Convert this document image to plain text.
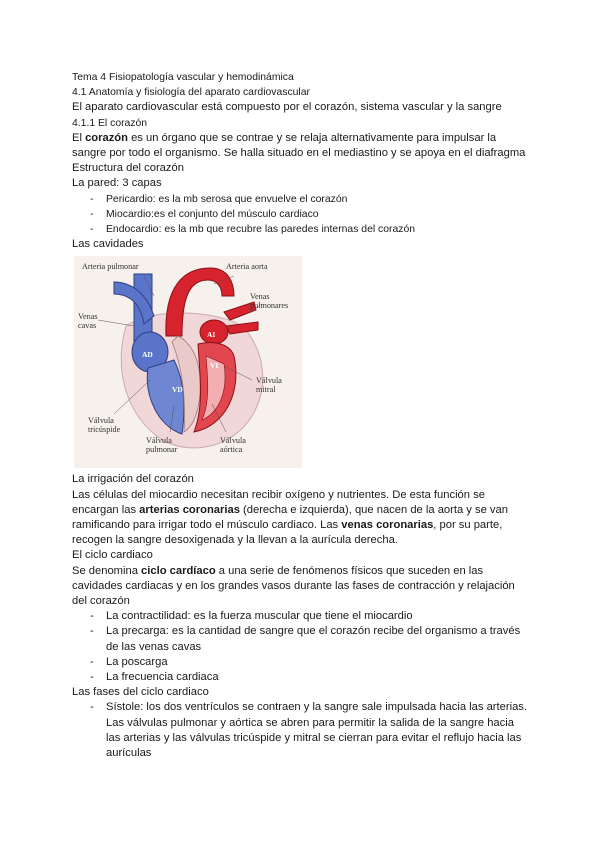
Tema 4 Fisiopatología vascular y hemodinámica
4.1 Anatomía y fisiología del aparato cardiovascular
El aparato cardiovascular está compuesto por el corazón, sistema vascular y la sangre
4.1.1 El corazón
El corazón es un órgano que se contrae y se relaja alternativamente para impulsar la
sangre por todo el organismo. Se halla situado en el mediastino y se apoya en el diafragma
Estructura del corazón
La pared: 3 capas
- Pericardio: es la mb serosa que envuelve el corazón
- Miocardio:es el conjunto del músculo cardiaco
- Endocardio: es la mb que recubre las paredes internas del corazón
Las cavidades
Arteria pulmonar	Arteria aorta
Venas
cavas
Venas
pulmonares
Válvula
mitral
Válvula
tricúspide
Válvula
pulmonar
Válvula
aórtica
AD
AI
VD
VI
La irrigación del corazón
Las células del miocardio necesitan recibir oxígeno y nutrientes. De esta función se
encargan las arterias coronarias (derecha e izquierda), que nacen de la aorta y se van
ramificando para irrigar todo el músculo cardiaco. Las venas coronarias, por su parte,
recogen la sangre desoxigenada y la llevan a la aurícula derecha.
El ciclo cardiaco
Se denomina ciclo cardíaco a una serie de fenómenos físicos que suceden en las
cavidades cardiacas y en los grandes vasos durante las fases de contracción y relajación
del corazón
- La contractilidad: es la fuerza muscular que tiene el miocardio
- La precarga: es la cantidad de sangre que el corazón recibe del organismo a través
de las venas cavas
- La poscarga
- La frecuencia cardiaca
Las fases del ciclo cardiaco
- Sístole: los dos ventrículos se contraen y la sangre sale impulsada hacia las arterias.
Las válvulas pulmonar y aórtica se abren para permitir la salida de la sangre hacia
las arterias y las válvulas tricúspide y mitral se cierran para evitar el reflujo hacia las
aurículas
